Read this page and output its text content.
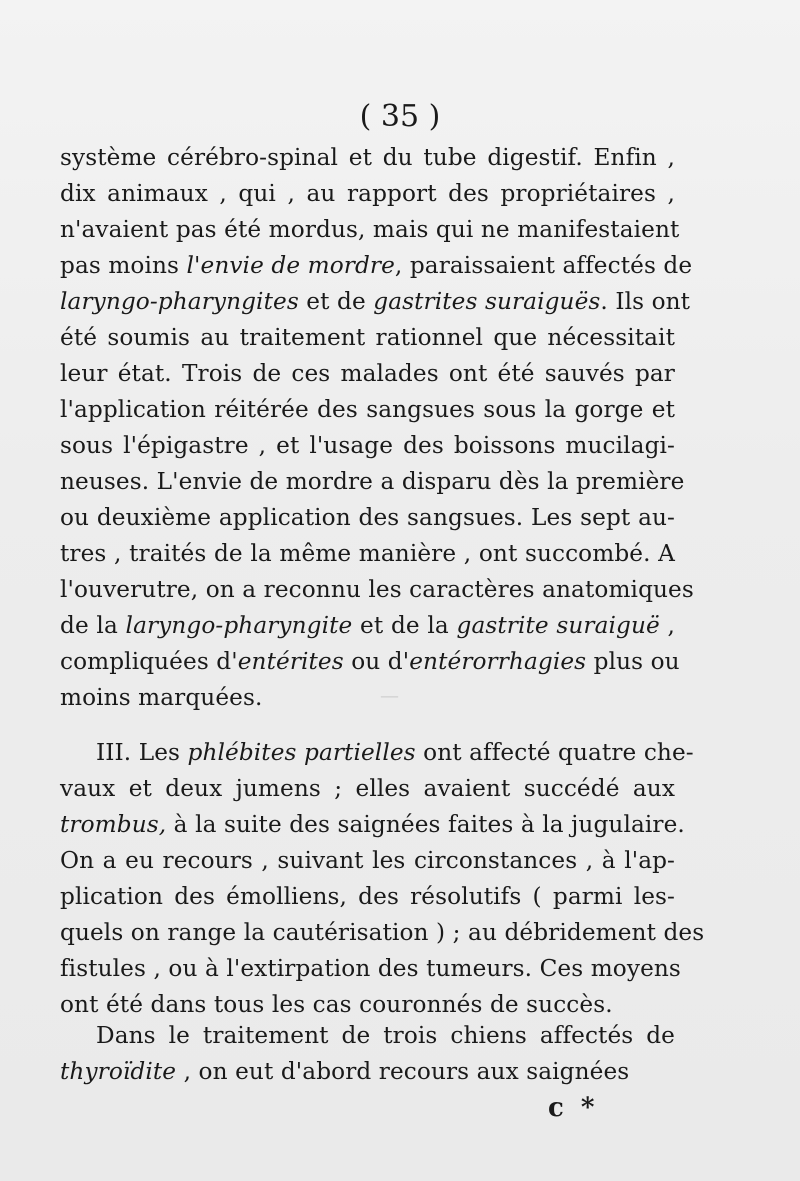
—
( 35 )
système cérébro-spinal et du tube digestif. Enfin ,
dix animaux , qui , au rapport des propriétaires ,
n'avaient pas été mordus, mais qui ne manifestaient
pas moins l'envie de mordre, paraissaient affectés de
laryngo-pharyngites et de gastrites suraiguës. Ils ont
été soumis au traitement rationnel que nécessitait
leur état. Trois de ces malades ont été sauvés par
l'application réitérée des sangsues sous la gorge et
sous l'épigastre , et l'usage des boissons mucilagi-
neuses. L'envie de mordre a disparu dès la première
ou deuxième application des sangsues. Les sept au-
tres , traités de la même manière , ont succombé. A
l'ouverutre, on a reconnu les caractères anatomiques
de la laryngo-pharyngite et de la gastrite suraiguë ,
compliquées d'entérites ou d'entérorrhagies plus ou
moins marquées.
III. Les phlébites partielles ont affecté quatre che-
vaux et deux jumens ; elles avaient succédé aux
trombus, à la suite des saignées faites à la jugulaire.
On a eu recours , suivant les circonstances , à l'ap-
plication des émolliens, des résolutifs ( parmi les-
quels on range la cautérisation ) ; au débridement des
fistules , ou à l'extirpation des tumeurs. Ces moyens
ont été dans tous les cas couronnés de succès.
Dans le traitement de trois chiens affectés de
thyroïdite , on eut d'abord recours aux saignées
c *
